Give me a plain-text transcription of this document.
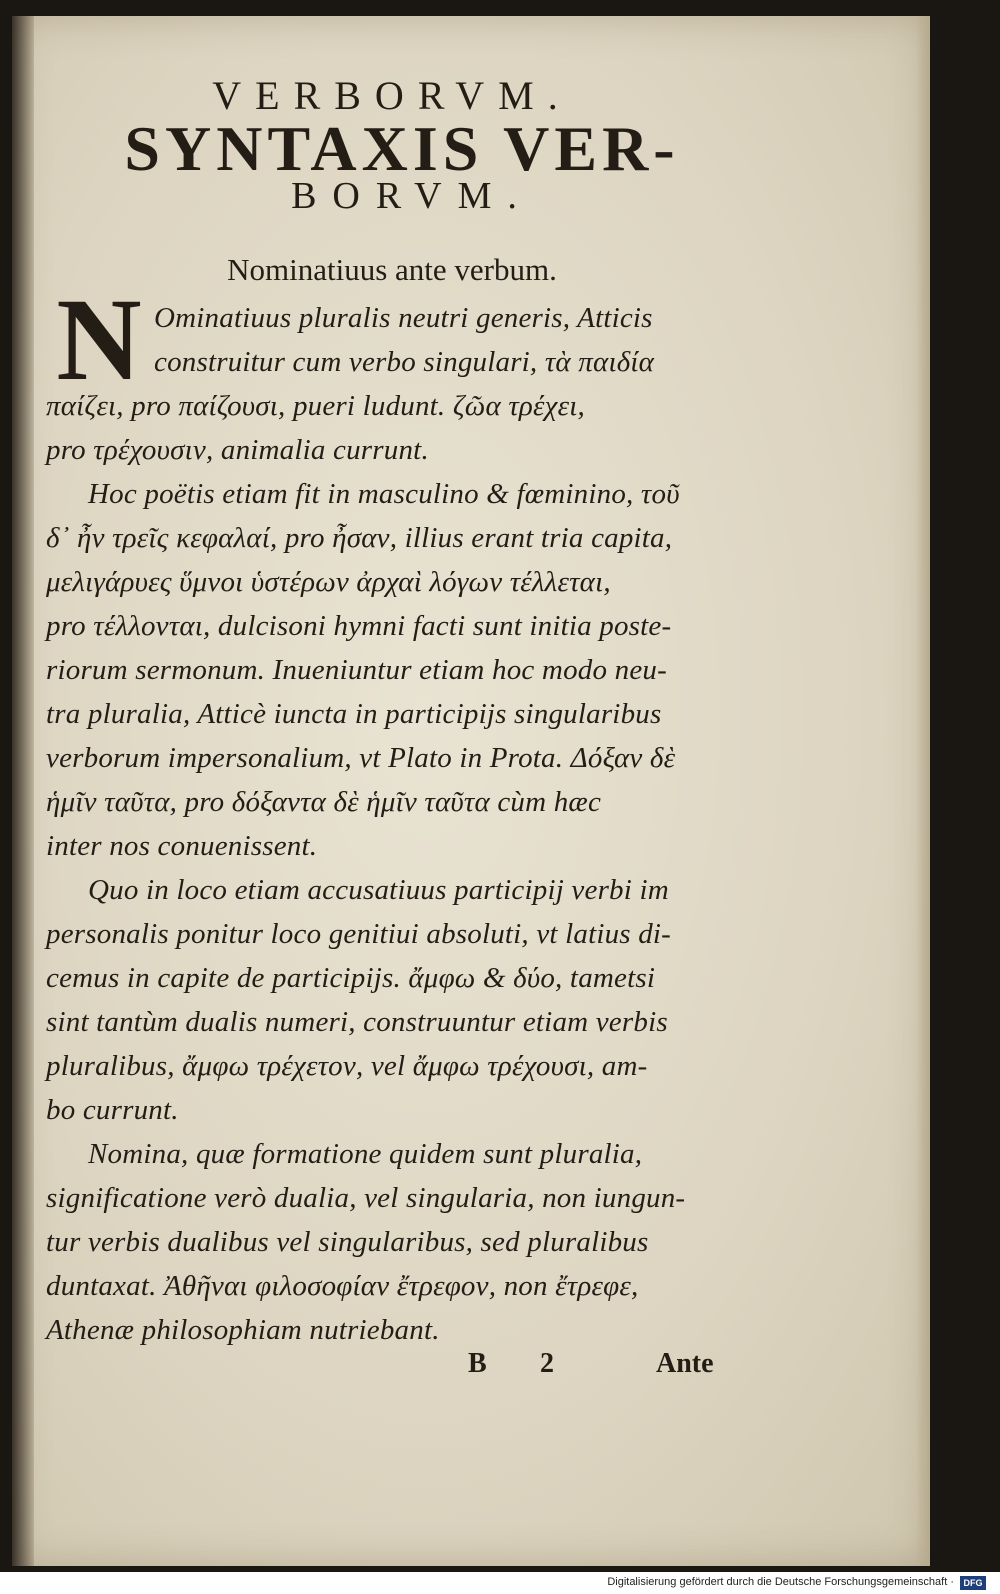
VERBORVM.
SYNTAXIS VER-
BORVM.
Nominatiuus ante verbum.
N Ominatiuus pluralis neutri generis, Atticis
construitur cum verbo singulari, τὰ παιδία
παίζει, pro παίζουσι, pueri ludunt. ζῶα τρέχει,
pro τρέχουσιν, animalia currunt.
Hoc poëtis etiam fit in masculino & fœminino, τοῦ
δ᾽ ἦν τρεῖς κεφαλαί, pro ἦσαν, illius erant tria capita,
μελιγάρυες ὕμνοι ὑστέρων ἀρχαὶ λόγων τέλλεται,
pro τέλλονται, dulcisoni hymni facti sunt initia poste-
riorum sermonum. Inueniuntur etiam hoc modo neu-
tra pluralia, Atticè iuncta in participijs singularibus
verborum impersonalium, vt Plato in Prota. Δόξαν δὲ
ἡμῖν ταῦτα, pro δόξαντα δὲ ἡμῖν ταῦτα cùm hæc
inter nos conuenissent.
Quo in loco etiam accusatiuus participij verbi im
personalis ponitur loco genitiui absoluti, vt latius di-
cemus in capite de participijs. ἄμφω & δύο, tametsi
sint tantùm dualis numeri, construuntur etiam verbis
pluralibus, ἄμφω τρέχετον, vel ἄμφω τρέχουσι, am-
bo currunt.
Nomina, quæ formatione quidem sunt pluralia,
significatione verò dualia, vel singularia, non iungun-
tur verbis dualibus vel singularibus, sed pluralibus
duntaxat. Ἀθῆναι φιλοσοφίαν ἔτρεφον, non ἔτρεφε,
Athenæ philosophiam nutriebant.
B 2	Ante
Digitalisierung gefördert durch die Deutsche Forschungsgemeinschaft ·	DFG
